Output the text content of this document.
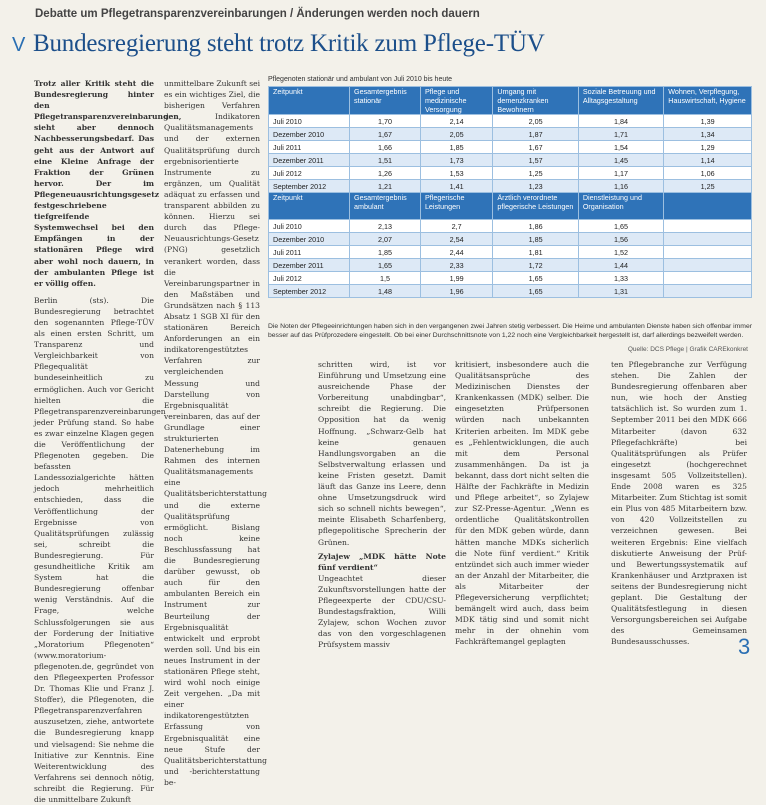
Debatte um Pflegetransparenzvereinbarungen / Änderungen werden noch dauern
V Bundesregierung steht trotz Kritik zum Pflege-TÜV

Trotz aller Kritik steht die Bundesregierung hinter den Pflegetransparenzvereinbarungen, sieht aber dennoch Nachbesserungsbedarf. Das geht aus der Antwort auf eine Kleine Anfrage der Fraktion der Grünen hervor. Der im Pflegeneuausrichtungsgesetz festgeschriebene tiefgreifende Systemwechsel bei den Empfängen in der stationären Pflege wird aber wohl noch dauern, in der ambulanten Pflege ist er völlig offen.

Berlin (sts). Die Bundesregierung betrachtet den sogenannten Pflege-TÜV als einen ersten Schritt, um Transparenz und Vergleichbarkeit von Pflegequalität bundeseinheitlich zu ermöglichen. Auch vor Gericht hielten die Pflegetransparenzvereinbarungen jeder Prüfung stand. So habe es zwar einzelne Klagen gegen die Veröffentlichung der Pflegenoten gegeben. Die befassten Landessozialgerichte hätten jedoch mehrheitlich entschieden, dass die Veröffentlichung der Ergebnisse von Qualitätsprüfungen zulässig sei, schreibt die Bundesregierung. Für gesundheitliche Kritik am System hat die Bundesregierung offenbar wenig Verständnis. Auf die Frage, welche Schlussfolgerungen sie aus der Forderung der Initiative „Moratorium Pflegenoten“ (www.moratorium-pflegenoten.de, gegründet von den Pflegeexperten Professor Dr. Thomas Klie und Franz J. Stoffer), die Pflegenoten, die Pflegetransparenzverfahren auszusetzen, ziehe, antwortete die Bundesregierung knapp und vielsagend: Sie nehme die Initiative zur Kenntnis. Eine Weiterentwicklung des Verfahrens sei dennoch nötig, schreibt die Regierung. Für die unmittelbare Zukunft

unmittelbare Zukunft sei es ein wichtiges Ziel, die bisherigen Verfahren der Indikatoren Qualitätsmanagements und der externen Qualitätsprüfung durch ergebnisorientierte Instrumente zu ergänzen, um Qualität adäquat zu erfassen und transparent abbilden zu können. Hierzu sei durch das Pflege-Neuausrichtungs-Gesetz (PNG) gesetzlich verankert worden, dass die Vereinbarungspartner in den Maßstäben und Grundsätzen nach § 113 Absatz 1 SGB XI für den stationären Bereich Anforderungen an ein indikatorengestütztes Verfahren zur vergleichenden Messung und Darstellung von Ergebnisqualität vereinbaren, das auf der Grundlage einer strukturierten Datenerhebung im Rahmen des internen Qualitätsmanagements eine Qualitätsberichterstattung und die externe Qualitätsprüfung ermöglicht. Bislang noch keine Beschlussfassung hat die Bundesregierung darüber gewusst, ob auch für den ambulanten Bereich ein Instrument zur Beurteilung der Ergebnisqualität entwickelt und erprobt werden soll. Und bis ein neues Instrument in der stationären Pflege steht, wird wohl noch einige Zeit vergehen. „Da mit einer indikatorengestützten Erfassung von Ergebnisqualität eine neue Stufe der Qualitätsberichterstattung und -berichterstattung be-

Pflegenoten stationär und ambulant von Juli 2010 bis heute
Zeitpunkt	Gesamtergebnis stationär	Pflege und medizinische Versorgung	Umgang mit demenzkranken Bewohnern	Soziale Betreuung und Alltagsgestaltung	Wohnen, Verpflegung, Hauswirtschaft, Hygiene
Juli 2010	1,70	2,14	2,05	1,84	1,39
Dezember 2010	1,67	2,05	1,87	1,71	1,34
Juli 2011	1,66	1,85	1,67	1,54	1,29
Dezember 2011	1,51	1,73	1,57	1,45	1,14
Juli 2012	1,26	1,53	1,25	1,17	1,06
September 2012	1,21	1,41	1,23	1,16	1,25
Zeitpunkt	Gesamtergebnis ambulant	Pflegerische Leistungen	Ärztlich verordnete pflegerische Leistungen	Dienstleistung und Organisation	
Juli 2010	2,13	2,7	1,86	1,65	
Dezember 2010	2,07	2,54	1,85	1,56	
Juli 2011	1,85	2,44	1,81	1,52	
Dezember 2011	1,65	2,33	1,72	1,44	
Juli 2012	1,5	1,99	1,65	1,33	
September 2012	1,48	1,96	1,65	1,31	
Die Noten der Pflegeeinrichtungen haben sich in den vergangenen zwei Jahren stetig verbessert. Die Heime und ambulanten Dienste haben sich offenbar immer besser auf das Prüfprozedere eingestellt. Ob bei einer Durchschnittsnote von 1,22 noch eine Vergleichbarkeit hergestellt ist, darf allerdings bezweifelt werden.
Quelle: DCS Pflege | Grafik CAREkonkret

schritten wird, ist vor Einführung und Umsetzung eine ausreichende Phase der Vorbereitung unabdingbar“, schreibt die Regierung. Die Opposition hat da wenig Hoffnung. „Schwarz-Gelb hat keine genauen Handlungsvorgaben an die Selbstverwaltung erlassen und keine Fristen gesetzt. Damit läuft das Ganze ins Leere, denn ohne Umsetzungsdruck wird sich so schnell nichts bewegen“, meinte Elisabeth Scharfenberg, pflegepolitische Sprecherin der Grünen.

Zylajew „MDK hätte Note fünf verdient“

Ungeachtet dieser Zukunftsvorstellungen hatte der Pflegeexperte der CDU/CSU-Bundestagsfraktion, Willi Zylajew, schon Wochen zuvor das von den vorgeschlagenen Prüfsystem massiv

kritisiert, insbesondere auch die Qualitätsansprüche des Medizinischen Dienstes der Krankenkassen (MDK) selber. Die eingesetzten Prüfpersonen würden nach unbekannten Kriterien arbeiten. Im MDK gebe es „Fehlentwicklungen, die auch mit dem Personal zusammenhängen. Da ist ja bekannt, dass dort nicht selten die Hälfte der Fachkräfte in Medizin und Pflege arbeitet“, so Zylajew zur SZ-Presse-Agentur. „Wenn es ordentliche Qualitätskontrollen für den MDK geben würde, dann hätten manche MDKs sicherlich die Note fünf verdient.“ Kritik entzündet sich auch immer wieder an der Anzahl der Mitarbeiter, die als Mitarbeiter der Pflegeversicherung verpflichtet; bemängelt wird auch, dass beim MDK tätig sind und somit nicht mehr in der ohnehin vom Fachkräftemangel geplagten

ten Pflegebranche zur Verfügung stehen. Die Zahlen der Bundesregierung offenbaren aber nun, wie hoch der Anstieg tatsächlich ist. So wurden zum 1. September 2011 bei den MDK 666 Mitarbeiter (davon 632 Pflegefachkräfte) bei Qualitätsprüfungen als Prüfer eingesetzt (hochgerechnet insgesamt 505 Vollzeitstellen). Ende 2008 waren es 325 Mitarbeiter. Zum Stichtag ist somit ein Plus von 485 Mitarbeitern bzw. von 420 Vollzeitstellen zu verzeichnen gewesen. Bei weiteren Ergebnis: Eine vielfach diskutierte Anweisung der Prüf- und Bewertungssystematik auf Krankenhäuser und Arztpraxen ist seitens der Bundesregierung nicht geplant. Die Gestaltung der Qualitätsfestlegung in diesen Versorgungsbereichen sei Aufgabe des Gemeinsamen Bundesausschusses.	3
